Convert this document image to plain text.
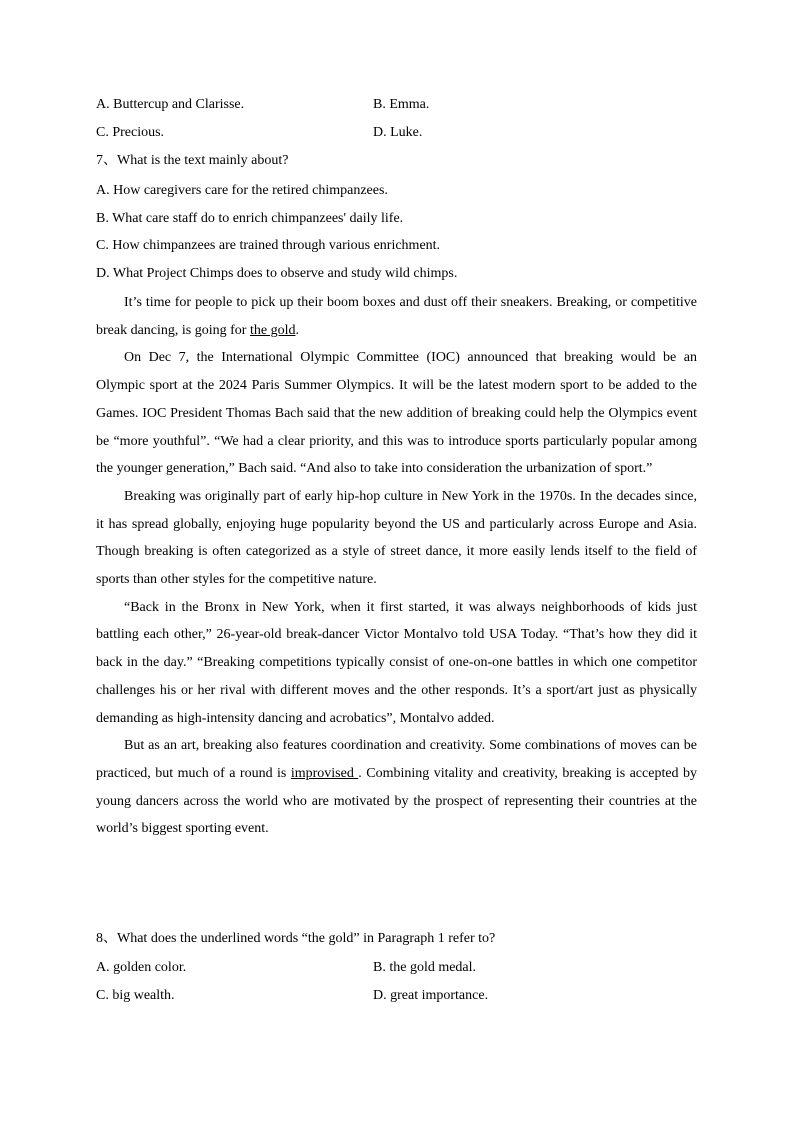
A. Buttercup and Clarisse.	B. Emma.
C. Precious.	D. Luke.
7、What is the text mainly about?
A. How caregivers care for the retired chimpanzees.
B. What care staff do to enrich chimpanzees' daily life.
C. How chimpanzees are trained through various enrichment.
D. What Project Chimps does to observe and study wild chimps.

It’s time for people to pick up their boom boxes and dust off their sneakers. Breaking, or competitive break dancing, is going for the gold.

On Dec 7, the International Olympic Committee (IOC) announced that breaking would be an Olympic sport at the 2024 Paris Summer Olympics. It will be the latest modern sport to be added to the Games. IOC President Thomas Bach said that the new addition of breaking could help the Olympics event be “more youthful”. “We had a clear priority, and this was to introduce sports particularly popular among the younger generation,” Bach said. “And also to take into consideration the urbanization of sport.”

Breaking was originally part of early hip-hop culture in New York in the 1970s. In the decades since, it has spread globally, enjoying huge popularity beyond the US and particularly across Europe and Asia. Though breaking is often categorized as a style of street dance, it more easily lends itself to the field of sports than other styles for the competitive nature.

“Back in the Bronx in New York, when it first started, it was always neighborhoods of kids just battling each other,” 26-year-old break-dancer Victor Montalvo told USA Today. “That’s how they did it back in the day.” “Breaking competitions typically consist of one-on-one battles in which one competitor challenges his or her rival with different moves and the other responds. It’s a sport/art just as physically demanding as high-intensity dancing and acrobatics”, Montalvo added.

But as an art, breaking also features coordination and creativity. Some combinations of moves can be practiced, but much of a round is improvised . Combining vitality and creativity, breaking is accepted by young dancers across the world who are motivated by the prospect of representing their countries at the world’s biggest sporting event.

8、What does the underlined words “the gold” in Paragraph 1 refer to?
A. golden color.	B. the gold medal.
C. big wealth.	D. great importance.
